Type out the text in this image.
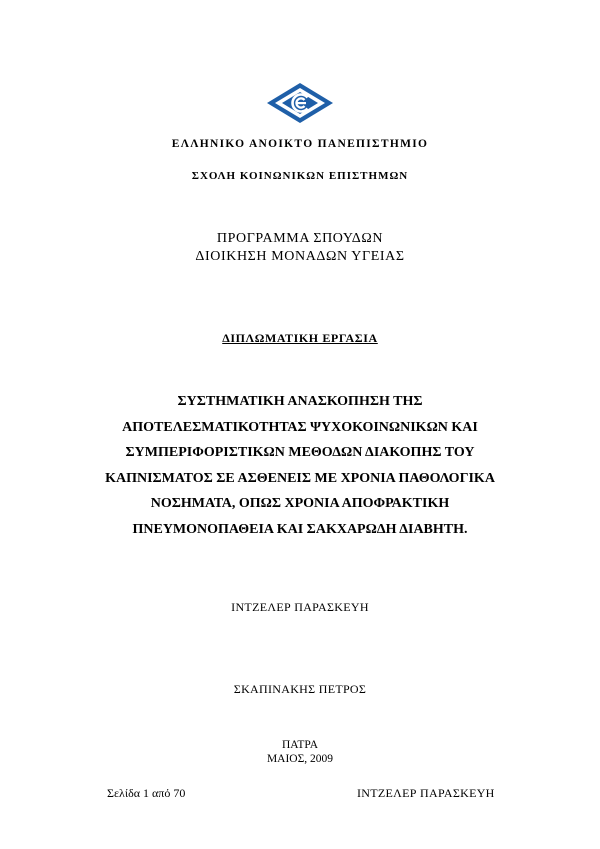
ΕΛΛΗΝΙΚΟ ΑΝΟΙΚΤΟ ΠΑΝΕΠΙΣΤΗΜΙΟ
ΣΧΟΛΗ ΚΟΙΝΩΝΙΚΩΝ ΕΠΙΣΤΗΜΩΝ
ΠΡΟΓΡΑΜΜΑ ΣΠΟΥΔΩΝ
ΔΙΟΙΚΗΣΗ ΜΟΝΑΔΩΝ ΥΓΕΙΑΣ
ΔΙΠΛΩΜΑΤΙΚΗ ΕΡΓΑΣΙΑ
ΣΥΣΤΗΜΑΤΙΚΗ ΑΝΑΣΚΟΠΗΣΗ ΤΗΣ
ΑΠΟΤΕΛΕΣΜΑΤΙΚΟΤΗΤΑΣ ΨΥΧΟΚΟΙΝΩΝΙΚΩΝ ΚΑΙ
ΣΥΜΠΕΡΙΦΟΡΙΣΤΙΚΩΝ ΜΕΘΟΔΩΝ ΔΙΑΚΟΠΗΣ ΤΟΥ
ΚΑΠΝΙΣΜΑΤΟΣ ΣΕ ΑΣΘΕΝΕΙΣ ΜΕ ΧΡΟΝΙΑ ΠΑΘΟΛΟΓΙΚΑ
ΝΟΣΗΜΑΤΑ, ΟΠΩΣ ΧΡΟΝΙΑ ΑΠΟΦΡΑΚΤΙΚΗ
ΠΝΕΥΜΟΝΟΠΑΘΕΙΑ ΚΑΙ ΣΑΚΧΑΡΩΔΗ ΔΙΑΒΗΤΗ.
ΙΝΤΖΕΛΕΡ ΠΑΡΑΣΚΕΥΗ
ΣΚΑΠΙΝΑΚΗΣ ΠΕΤΡΟΣ
ΠΑΤΡΑ
ΜΑΙΟΣ, 2009
Σελίδα 1 από 70	ΙΝΤΖΕΛΕΡ ΠΑΡΑΣΚΕΥΗ
